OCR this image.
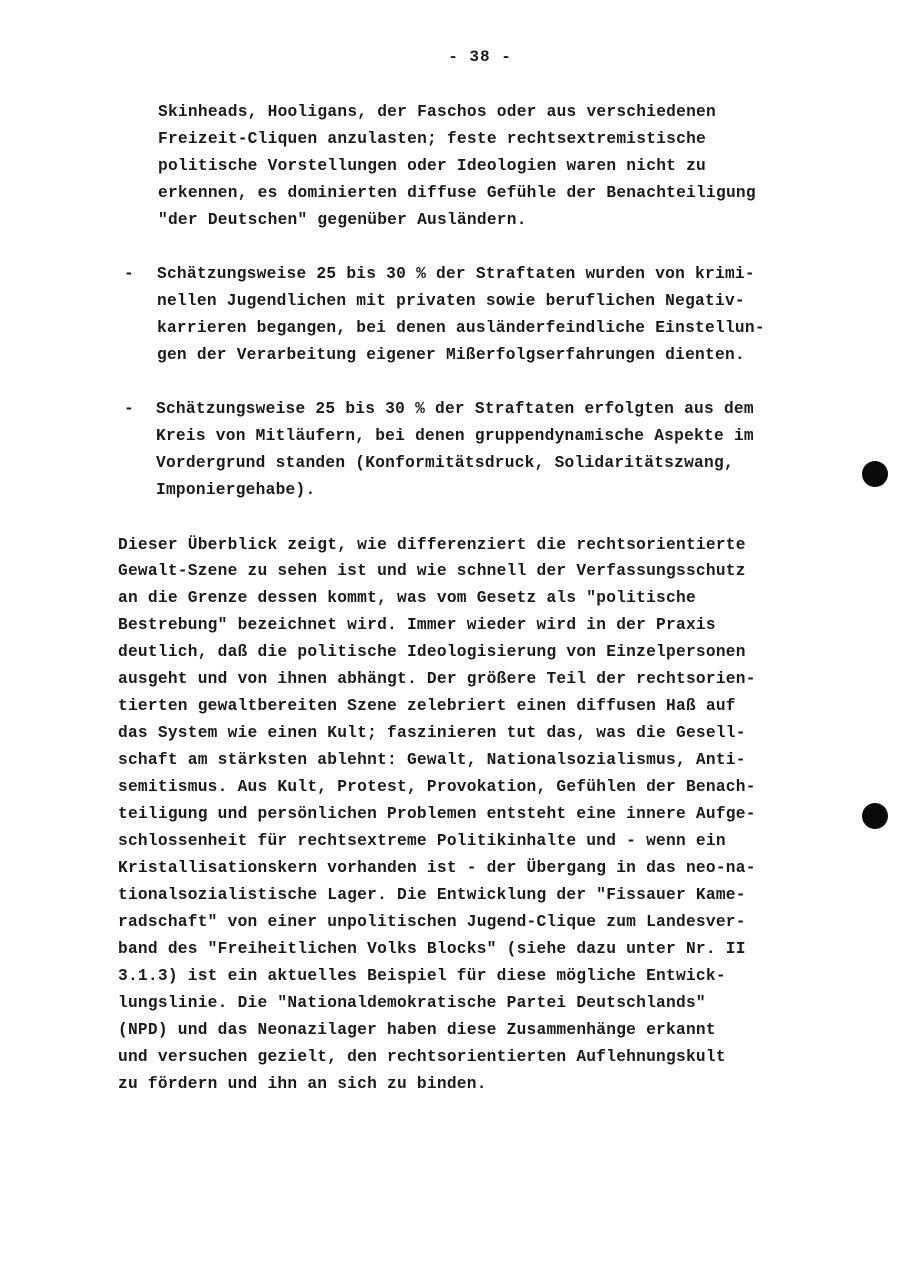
- 38 -
Skinheads, Hooligans, der Faschos oder aus verschiedenen
Freizeit-Cliquen anzulasten; feste rechtsextremistische
politische Vorstellungen oder Ideologien waren nicht zu
erkennen, es dominierten diffuse Gefühle der Benachteiligung
"der Deutschen" gegenüber Ausländern.
- Schätzungsweise 25 bis 30 % der Straftaten wurden von krimi-
nellen Jugendlichen mit privaten sowie beruflichen Negativ-
karrieren begangen, bei denen ausländerfeindliche Einstellun-
gen der Verarbeitung eigener Mißerfolgserfahrungen dienten.
- Schätzungsweise 25 bis 30 % der Straftaten erfolgten aus dem
Kreis von Mitläufern, bei denen gruppendynamische Aspekte im
Vordergrund standen (Konformitätsdruck, Solidaritätszwang,
Imponiergehabe).
Dieser Überblick zeigt, wie differenziert die rechtsorientierte
Gewalt-Szene zu sehen ist und wie schnell der Verfassungsschutz
an die Grenze dessen kommt, was vom Gesetz als "politische
Bestrebung" bezeichnet wird. Immer wieder wird in der Praxis
deutlich, daß die politische Ideologisierung von Einzelpersonen
ausgeht und von ihnen abhängt. Der größere Teil der rechtsorien-
tierten gewaltbereiten Szene zelebriert einen diffusen Haß auf
das System wie einen Kult; faszinieren tut das, was die Gesell-
schaft am stärksten ablehnt: Gewalt, Nationalsozialismus, Anti-
semitismus. Aus Kult, Protest, Provokation, Gefühlen der Benach-
teiligung und persönlichen Problemen entsteht eine innere Aufge-
schlossenheit für rechtsextreme Politikinhalte und - wenn ein
Kristallisationskern vorhanden ist - der Übergang in das neo-na-
tionalsozialistische Lager. Die Entwicklung der "Fissauer Kame-
radschaft" von einer unpolitischen Jugend-Clique zum Landesver-
band des "Freiheitlichen Volks Blocks" (siehe dazu unter Nr. II
3.1.3) ist ein aktuelles Beispiel für diese mögliche Entwick-
lungslinie. Die "Nationaldemokratische Partei Deutschlands"
(NPD) und das Neonazilager haben diese Zusammenhänge erkannt
und versuchen gezielt, den rechtsorientierten Auflehnungskult
zu fördern und ihn an sich zu binden.
